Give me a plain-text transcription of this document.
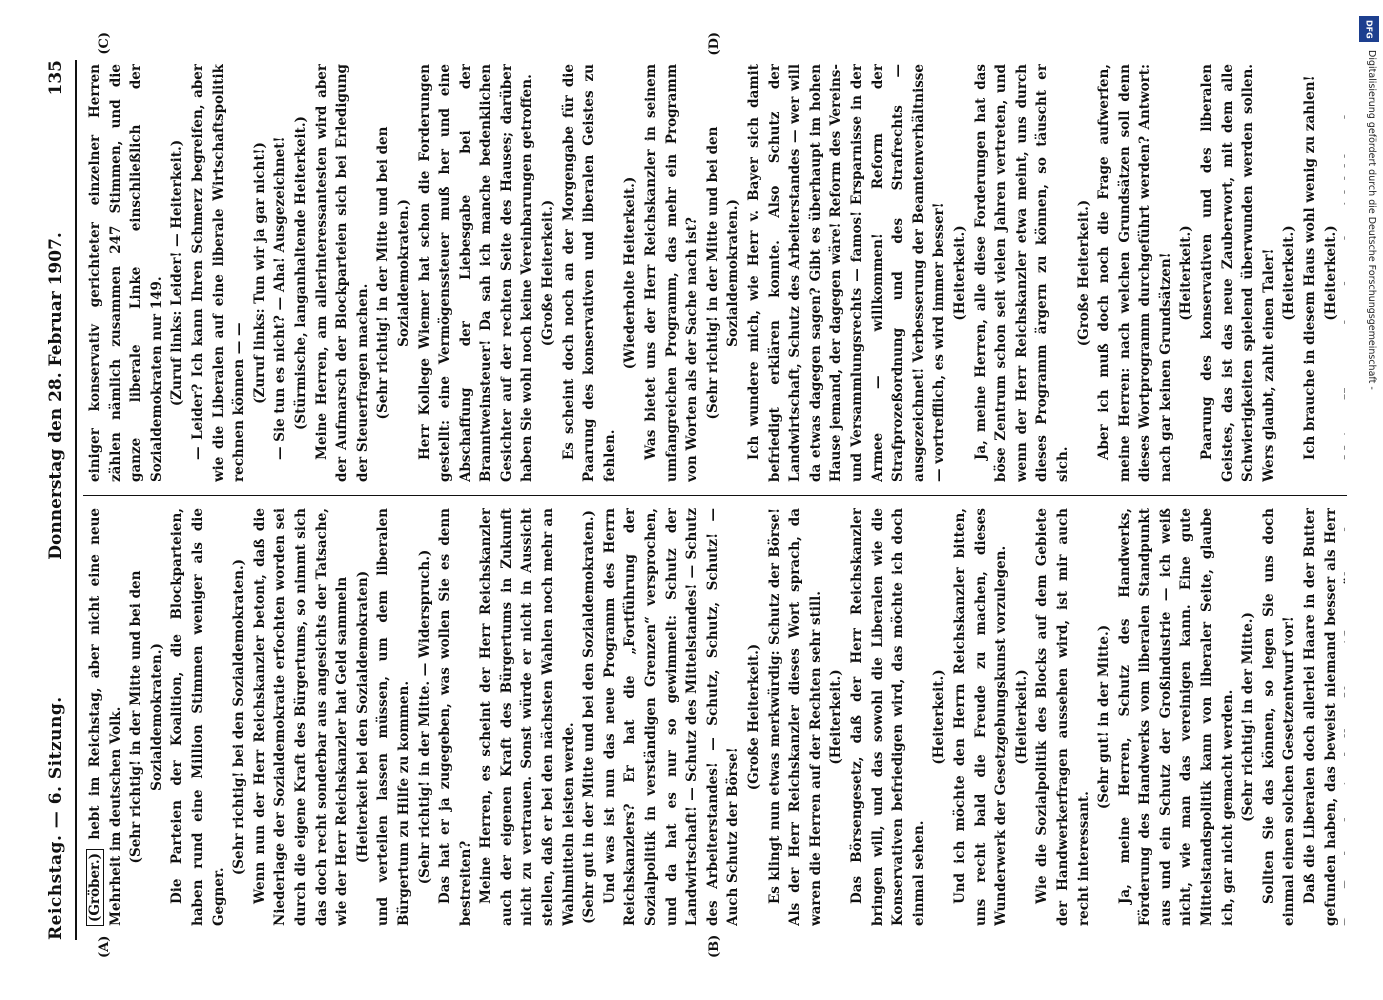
Reichstag. — 6. Sitzung.
Donnerstag den 28. Februar 1907.
135
(A)	(B)
(C)	(D)

(Gröber.) hebt im Reichstag, aber nicht eine neue Mehrheit im deutschen Volk. (Sehr richtig! in der Mitte und bei den Sozialdemokraten.) Die Parteien der Koalition, die Blockparteien, haben rund eine Million Stimmen weniger als die Gegner.

(Sehr richtig! bei den Sozialdemokraten.) Wenn nun der Herr Reichskanzler betont, daß die Niederlage der Sozialdemokratie erfochten worden sei durch die eigene Kraft des Bürgertums, so nimmt sich das doch recht sonderbar aus angesichts der Tatsache, wie der Herr Reichskanzler hat Geld sammeln (Heiterkeit bei den Sozialdemokraten) und verteilen lassen müssen, um dem liberalen Bürgertum zu Hilfe zu kommen. (Sehr richtig! in der Mitte. — Widerspruch.) Das hat er ja zugegeben, was wollen Sie es denn bestreiten? Meine Herren, es scheint der Herr Reichskanzler auch der eigenen Kraft des Bürgertums in Zukunft nicht zu vertrauen. Sonst würde er nicht in Aussicht stellen, daß er bei den nächsten Wahlen noch mehr an Wahlmitteln leisten werde. (Sehr gut in der Mitte und bei den Sozialdemokraten.) Und was ist nun das neue Programm des Herrn Reichskanzlers? Er hat die „Fortführung der Sozialpolitik in verständigen Grenzen“ versprochen, und da hat es nur so gewimmelt: Schutz der Landwirtschaft! — Schutz des Mittelstandes! — Schutz des Arbeiterstandes! — Schutz, Schutz, Schutz! — Auch Schutz der Börse!

(Große Heiterkeit.) Es klingt nun etwas merkwürdig: Schutz der Börse! Als der Herr Reichskanzler dieses Wort sprach, da waren die Herren auf der Rechten sehr still. (Heiterkeit.) Das Börsengesetz, daß der Herr Reichskanzler bringen will, und das sowohl die Liberalen wie die Konservativen befriedigen wird, das möchte ich doch einmal sehen.

(Heiterkeit.) Und ich möchte den Herrn Reichskanzler bitten, uns recht bald die Freude zu machen, dieses Wunderwerk der Gesetzgebungskunst vorzulegen. (Heiterkeit.) Wie die Sozialpolitik des Blocks auf dem Gebiete der Handwerkerfragen aussehen wird, ist mir auch recht interessant.

(Sehr gut! in der Mitte.) Ja, meine Herren, Schutz des Handwerks, Förderung des Handwerks vom liberalen Standpunkt aus und ein Schutz der Großindustrie — ich weiß nicht, wie man das vereinigen kann. Eine gute Mittelstandspolitik kann von liberaler Seite, glaube ich, gar nicht gemacht werden. (Sehr richtig! in der Mitte.) Sollten Sie das können, so legen Sie uns doch einmal einen solchen Gesetzentwurf vor! Daß die Liberalen doch allerlei Haare in der Butter gefunden haben, das beweist niemand besser als Herr

einiger konservativ gerichteter einzelner Herren zählen nämlich zusammen 247 Stimmen, und die ganze liberale Linke einschließlich der Sozialdemokraten nur 149. (Zuruf links: Leider! — Heiterkeit.) — Leider? Ich kann Ihren Schmerz begreifen, aber wie die Liberalen auf eine liberale Wirtschaftspolitik rechnen können — — (Zuruf links: Tun wir ja gar nicht!) — Sie tun es nicht? — Aha! Ausgezeichnet! (Stürmische, langanhaltende Heiterkeit.) Meine Herren, am allerinteressantesten wird aber der Aufmarsch der Blockparteien sich bei Erledigung der Steuerfragen machen. (Sehr richtig! in der Mitte und bei den Sozialdemokraten.) Herr Kollege Wiemer hat schon die Forderungen gestellt: eine Vermögenssteuer muß her und eine Abschaffung der Liebesgabe bei der Branntweinsteuer! Da sah ich manche bedenklichen Gesichter auf der rechten Seite des Hauses; darüber haben Sie wohl noch keine Vereinbarungen getroffen. (Große Heiterkeit.) Es scheint doch noch an der Morgengabe für die Paarung des konservativen und liberalen Geistes zu fehlen.

(Wiederholte Heiterkeit.) Was bietet uns der Herr Reichskanzler in seinem umfangreichen Programm, das mehr ein Programm von Worten als der Sache nach ist? (Sehr richtig! in der Mitte und bei den Sozialdemokraten.) Ich wundere mich, wie Herr v. Bayer sich damit befriedigt erklären konnte. Also Schutz der Landwirtschaft, Schutz des Arbeiterstandes — wer will da etwas dagegen sagen? Gibt es überhaupt im hohen Hause jemand, der dagegen wäre! Reform des Vereins- und Versammlungsrechts — famos! Ersparnisse in der Armee — willkommen! Reform der Strafprozeßordnung und des Strafrechts — ausgezeichnet! Verbesserung der Beamtenverhältnisse — vortrefflich, es wird immer besser! (Heiterkeit.) Ja, meine Herren, alle diese Forderungen hat das böse Zentrum schon seit vielen Jahren vertreten, und wenn der Herr Reichskanzler etwa meint, uns durch dieses Programm ärgern zu können, so täuscht er sich.

(Große Heiterkeit.) Aber ich muß doch noch die Frage aufwerfen, meine Herren: nach welchen Grundsätzen soll denn dieses Wortprogramm durchgeführt werden? Antwort: nach gar keinen Grundsätzen! (Heiterkeit.) Paarung des konservativen und des liberalen Geistes, das ist das neue Zauberwort, mit dem alle Schwierigkeiten spielend überwunden werden sollen. Wers glaubt, zahlt einen Taler! (Heiterkeit.) Ich brauche in diesem Haus wohl wenig zu zahlen! (Heiterkeit.)

DFG
Digitalisierung gefördert durch die Deutsche Forschungsgemeinschaft -
